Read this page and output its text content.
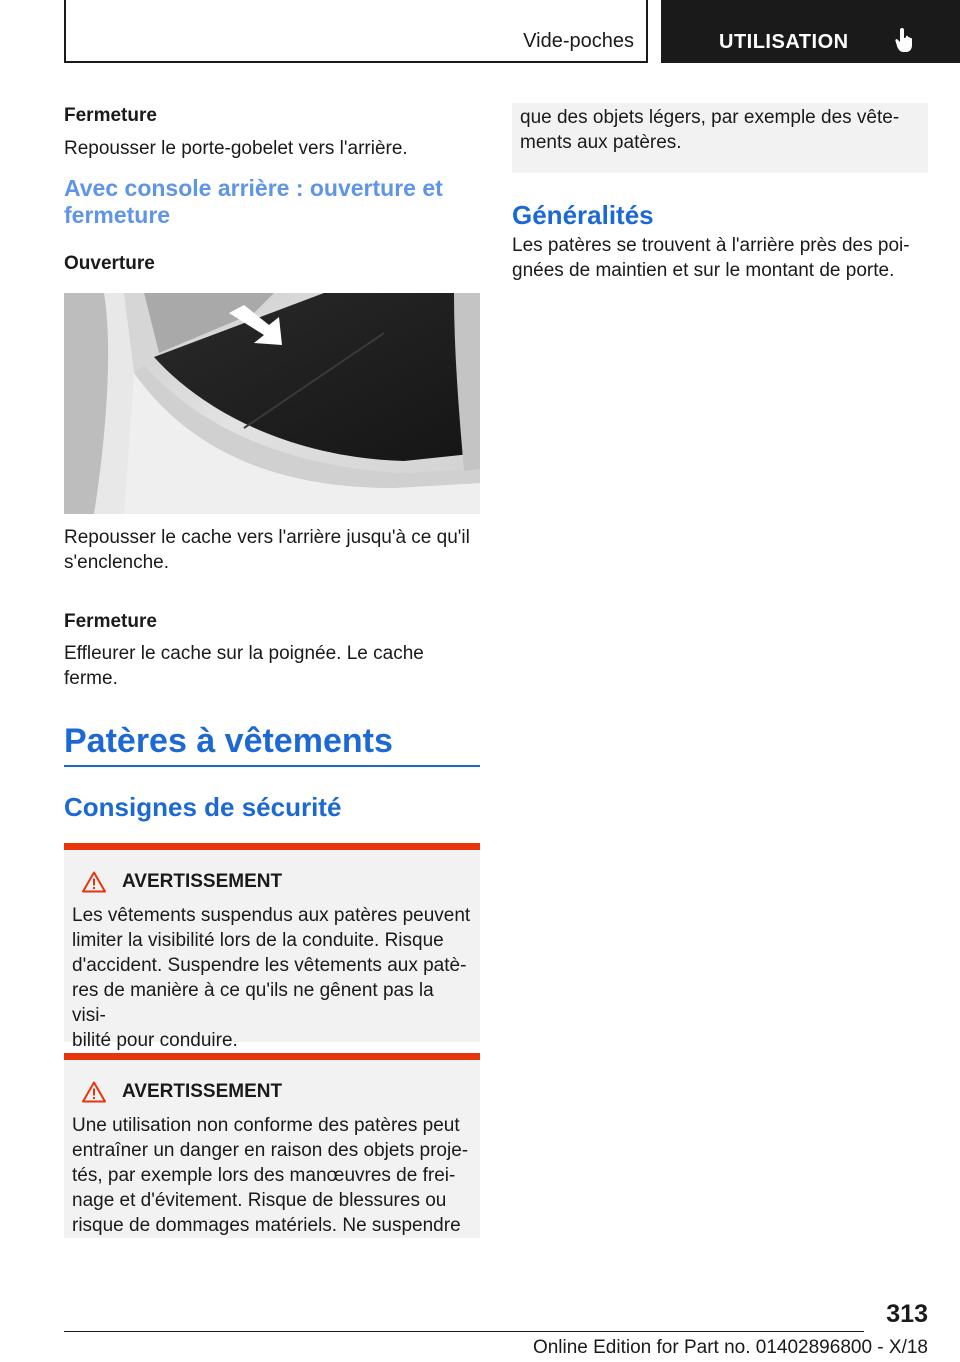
Vide-poches	UTILISATION

Fermeture

Repousser le porte-gobelet vers l'arrière.

Avec console arrière : ouverture et

fermeture

Ouverture

Repousser le cache vers l'arrière jusqu'à ce qu'il

s'enclenche.

Fermeture

Effleurer le cache sur la poignée. Le cache

ferme.

Patères à vêtements

Consignes de sécurité

AVERTISSEMENT

Les vêtements suspendus aux patères peuvent

limiter la visibilité lors de la conduite. Risque

d'accident. Suspendre les vêtements aux patè-

res de manière à ce qu'ils ne gênent pas la visi-

bilité pour conduire.

AVERTISSEMENT

Une utilisation non conforme des patères peut

entraîner un danger en raison des objets proje-

tés, par exemple lors des manœuvres de frei-

nage et d'évitement. Risque de blessures ou

risque de dommages matériels. Ne suspendre

que des objets légers, par exemple des vête-

ments aux patères.

Généralités

Les patères se trouvent à l'arrière près des poi-

gnées de maintien et sur le montant de porte.

313
Online Edition for Part no. 01402896800 - X/18
